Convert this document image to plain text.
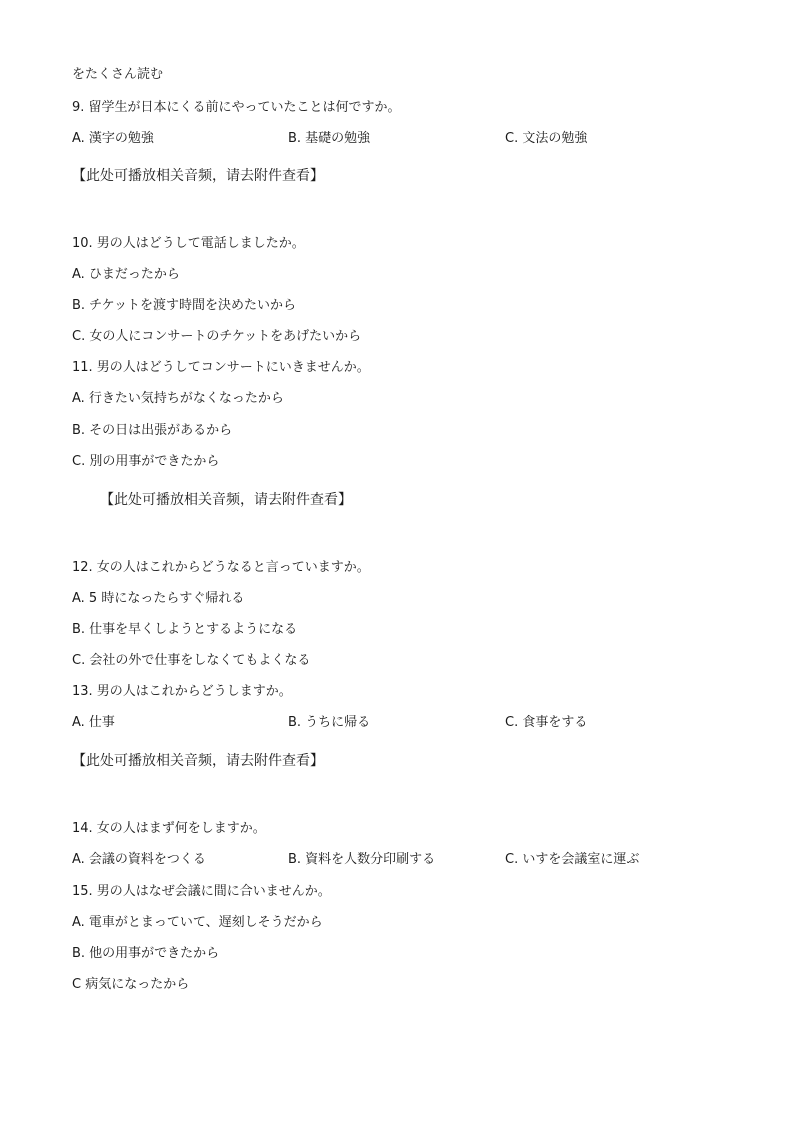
をたくさん読む
9. 留学生が日本にくる前にやっていたことは何ですか。
A. 漢字の勉強	B. 基礎の勉強	C. 文法の勉強
【此处可播放相关音频，请去附件查看】
10. 男の人はどうして電話しましたか。
A. ひまだったから
B. チケットを渡す時間を決めたいから
C. 女の人にコンサートのチケットをあげたいから
11. 男の人はどうしてコンサートにいきませんか。
A. 行きたい気持ちがなくなったから
B. その日は出張があるから
C. 別の用事ができたから
【此处可播放相关音频，请去附件查看】
12. 女の人はこれからどうなると言っていますか。
A. 5 時になったらすぐ帰れる
B. 仕事を早くしようとするようになる
C. 会社の外で仕事をしなくてもよくなる
13. 男の人はこれからどうしますか。
A. 仕事	B. うちに帰る	C. 食事をする
【此处可播放相关音频，请去附件查看】
14. 女の人はまず何をしますか。
A. 会議の資料をつくる	B. 資料を人数分印刷する	C. いすを会議室に運ぶ
15. 男の人はなぜ会議に間に合いませんか。
A. 電車がとまっていて、遅刻しそうだから
B. 他の用事ができたから
C 病気になったから
